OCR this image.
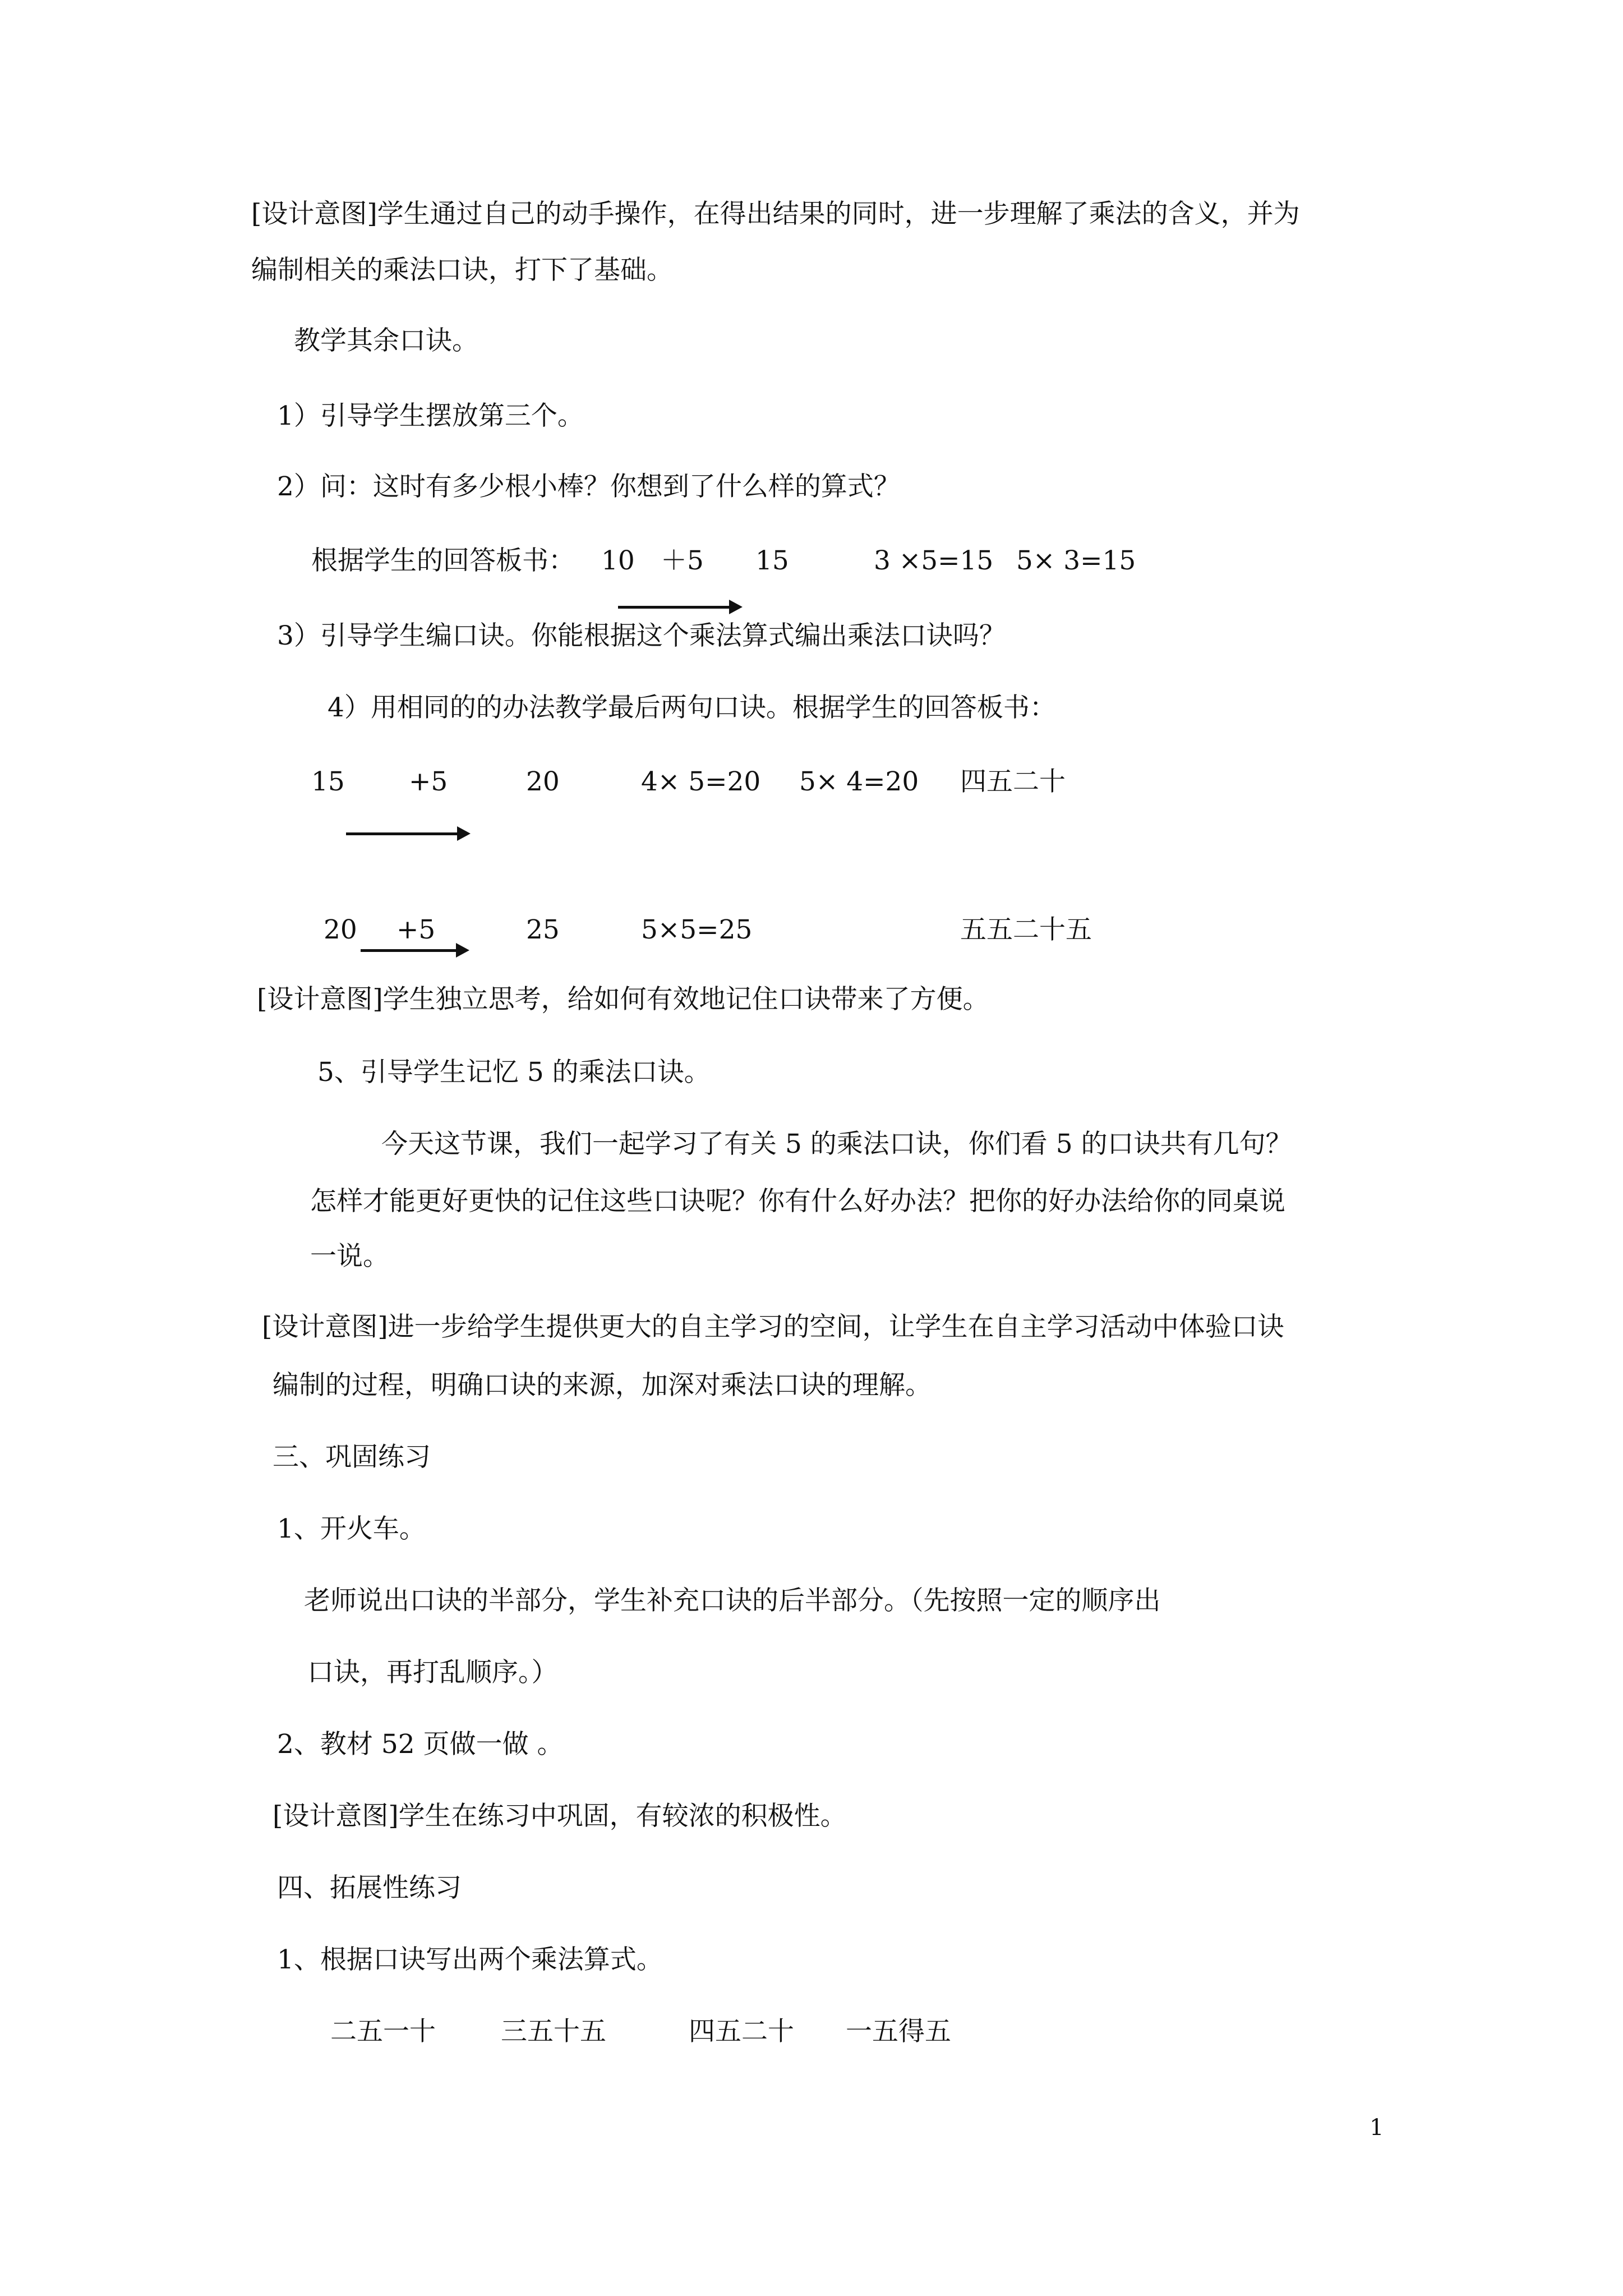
[设计意图]学生通过自己的动手操作，在得出结果的同时，进一步理解了乘法的含义，并为
编制相关的乘法口诀，打下了基础。
教学其余口诀。
1）引导学生摆放第三个。
2）问：这时有多少根小棒？你想到了什么样的算式？
根据学生的回答板书： 10 ＋5 15	3 ×5=15 5× 3=15
3）引导学生编口诀。你能根据这个乘法算式编出乘法口诀吗？
4）用相同的的办法教学最后两句口诀。根据学生的回答板书：
15 +5	20	4× 5=20 5× 4=20 四五二十
20 +5	25	5×5=25	五五二十五
[设计意图]学生独立思考，给如何有效地记住口诀带来了方便。
5、引导学生记忆 5 的乘法口诀。
今天这节课，我们一起学习了有关 5 的乘法口诀，你们看 5 的口诀共有几句？
怎样才能更好更快的记住这些口诀呢？你有什么好办法？把你的好办法给你的同桌说
一说。
[设计意图]进一步给学生提供更大的自主学习的空间，让学生在自主学习活动中体验口诀
编制的过程，明确口诀的来源，加深对乘法口诀的理解。
三、巩固练习
1、开火车。
老师说出口诀的半部分，学生补充口诀的后半部分。（先按照一定的顺序出
口诀，再打乱顺序。）
2、教材 52 页做一做 。
[设计意图]学生在练习中巩固，有较浓的积极性。
四、拓展性练习
1、根据口诀写出两个乘法算式。
二五一十 三五十五	四五二十 一五得五
1
